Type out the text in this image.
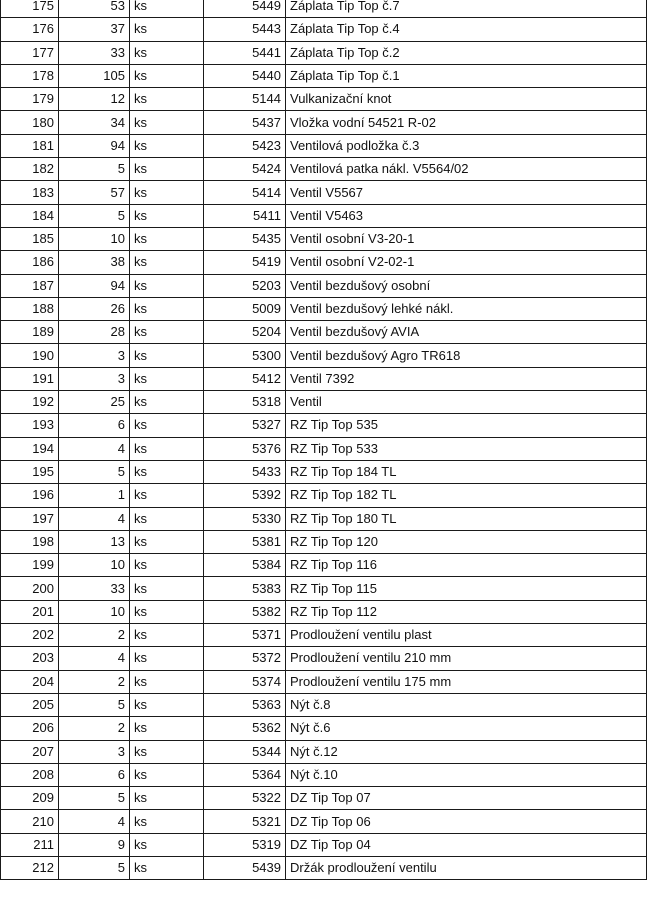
175	53	ks	5449	Záplata Tip Top č.7
176	37	ks	5443	Záplata Tip Top č.4
177	33	ks	5441	Záplata Tip Top č.2
178	105	ks	5440	Záplata Tip Top č.1
179	12	ks	5144	Vulkanizační knot
180	34	ks	5437	Vložka vodní 54521 R-02
181	94	ks	5423	Ventilová podložka č.3
182	5	ks	5424	Ventilová patka nákl. V5564/02
183	57	ks	5414	Ventil V5567
184	5	ks	5411	Ventil V5463
185	10	ks	5435	Ventil osobní V3-20-1
186	38	ks	5419	Ventil osobní V2-02-1
187	94	ks	5203	Ventil bezdušový osobní
188	26	ks	5009	Ventil bezdušový lehké nákl.
189	28	ks	5204	Ventil bezdušový AVIA
190	3	ks	5300	Ventil bezdušový Agro TR618
191	3	ks	5412	Ventil 7392
192	25	ks	5318	Ventil
193	6	ks	5327	RZ Tip Top 535
194	4	ks	5376	RZ Tip Top 533
195	5	ks	5433	RZ Tip Top 184 TL
196	1	ks	5392	RZ Tip Top 182 TL
197	4	ks	5330	RZ Tip Top 180 TL
198	13	ks	5381	RZ Tip Top 120
199	10	ks	5384	RZ Tip Top 116
200	33	ks	5383	RZ Tip Top 115
201	10	ks	5382	RZ Tip Top 112
202	2	ks	5371	Prodloužení ventilu plast
203	4	ks	5372	Prodloužení ventilu 210 mm
204	2	ks	5374	Prodloužení ventilu 175 mm
205	5	ks	5363	Nýt č.8
206	2	ks	5362	Nýt č.6
207	3	ks	5344	Nýt č.12
208	6	ks	5364	Nýt č.10
209	5	ks	5322	DZ Tip Top 07
210	4	ks	5321	DZ Tip Top 06
211	9	ks	5319	DZ Tip Top 04
212	5	ks	5439	Držák prodloužení ventilu
